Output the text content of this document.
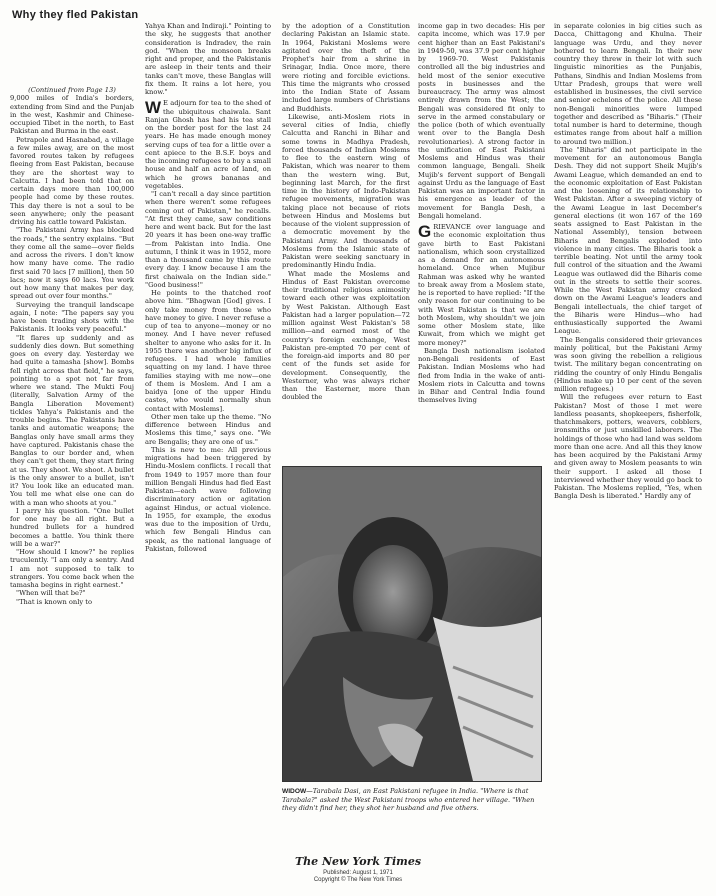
Why they fled Pakistan

(Continued from Page 13)

9,000 miles of India's borders, extending from Sind and the Punjab in the west, Kashmir and Chinese-occupied Tibet in the north, to East Pakistan and Burma in the east.

Petrapole and Hasnabad, a village a few miles away, are on the most favored routes taken by refugees fleeing from East Pakistan, because they are the shortest way to Calcutta. I had been told that on certain days more than 100,000 people had come by these routes. This day there is not a soul to be seen anywhere; only the peasant driving his cattle toward Pakistan.

"The Pakistani Army has blocked the roads," the sentry explains. "But they come all the same—over fields and across the rivers. I don't know how many have come. The radio first said 70 lacs [7 million], then 50 lacs; now it says 60 lacs. You work out how many that makes per day, spread out over four months."

Surveying the tranquil landscape again, I note: "The papers say you have been trading shots with the Pakistanis. It looks very peaceful."

"It flares up suddenly and as suddenly dies down. But something goes on every day. Yesterday we had quite a tamasha [show]. Bombs fell right across that field," he says, pointing to a spot not far from where we stand. The Mukti Fouj (literally, Salvation Army of the Bangla Liberation Movement) tickles Yahya's Pakistanis and the trouble begins. The Pakistanis have tanks and automatic weapons; the Banglas only have small arms they have captured. Pakistanis chase the Banglas to our border and, when they can't get them, they start firing at us. They shoot. We shoot. A bullet is the only answer to a bullet, isn't it? You look like an educated man. You tell me what else one can do with a man who shoots at you."

I parry his question. "One bullet for one may be all right. But a hundred bullets for a hundred becomes a battle. You think there will be a war?"

"How should I know?" he replies truculently. "I am only a sentry. And I am not supposed to talk to strangers. You come back when the tamasha begins in right earnest."

"When will that be?"

"That is known only to

Yahya Khan and Indiraji." Pointing to the sky, he suggests that another consideration is Indradev, the rain god. "When the monsoon breaks right and proper, and the Pakistanis are asleep in their tents and their tanks can't move, these Banglas will fix them. It rains a lot here, you know."

W E adjourn for tea to the shed of the ubiquitous chaiwala. Sant Ranjan Ghosh has had his tea stall on the border post for the last 24 years. He has made enough money serving cups of tea for a little over a cent apiece to the B.S.F. boys and the incoming refugees to buy a small house and half an acre of land, on which he grows bananas and vegetables.

"I can't recall a day since partition when there weren't some refugees coming out of Pakistan," he recalls. "At first they came, saw conditions here and went back. But for the last 20 years it has been one-way traffic—from Pakistan into India. One autumn, I think it was in 1952, more than a thousand came by this route every day. I know because I am the first chaiwala on the Indian side." "Good business!"

He points to the thatched roof above him. "Bhagwan [God] gives. I only take money from those who have money to give. I never refuse a cup of tea to anyone—money or no money. And I have never refused shelter to anyone who asks for it. In 1955 there was another big influx of refugees. I had whole families squatting on my land. I have three families staying with me now—one of them is Moslem. And I am a baidya [one of the upper Hindu castes, who would normally shun contact with Moslems].

Other men take up the theme. "No difference between Hindus and Moslems this time," says one. "We are Bengalis; they are one of us."

This is new to me: All previous migrations had been triggered by Hindu-Moslem conflicts. I recall that from 1949 to 1957 more than four million Bengali Hindus had fled East Pakistan—each wave following discriminatory action or agitation against Hindus, or actual violence. In 1955, for example, the exodus was due to the imposition of Urdu, which few Bengali Hindus can speak, as the national language of Pakistan, followed

by the adoption of a Constitution declaring Pakistan an Islamic state. In 1964, Pakistani Moslems were agitated over the theft of the Prophet's hair from a shrine in Srinagar, India. Once more, there were rioting and forcible evictions. This time the migrants who crossed into the Indian State of Assam included large numbers of Christians and Buddhists.

Likewise, anti-Moslem riots in several cities of India, chiefly Calcutta and Ranchi in Bihar and some towns in Madhya Pradesh, forced thousands of Indian Moslems to flee to the eastern wing of Pakistan, which was nearer to them than the western wing. But, beginning last March, for the first time in the history of Indo-Pakistan refugee movements, migration was taking place not because of riots between Hindus and Moslems but because of the violent suppression of a democratic movement by the Pakistani Army. And thousands of Moslems from the Islamic state of Pakistan were seeking sanctuary in predominantly Hindu India.

What made the Moslems and Hindus of East Pakistan overcome their traditional religious animosity toward each other was exploitation by West Pakistan. Although East Pakistan had a larger population—72 million against West Pakistan's 58 million—and earned most of the country's foreign exchange, West Pakistan pre-empted 70 per cent of the foreign-aid imports and 80 per cent of the funds set aside for development. Consequently, the Westerner, who was always richer than the Easterner, more than doubled the

WIDOW—Tarabala Dasi, an East Pakistani refugee in India. "Where is that Tarabala?" asked the West Pakistani troops who entered her village. "When they didn't find her, they shot her husband and five others.

income gap in two decades: His per capita income, which was 17.9 per cent higher than an East Pakistani's in 1949-50, was 37.9 per cent higher by 1969-70. West Pakistanis controlled all the big industries and held most of the senior executive posts in businesses and the bureaucracy. The army was almost entirely drawn from the West; the Bengali was considered fit only to serve in the armed constabulary or the police (both of which eventually went over to the Bangla Desh revolutionaries). A strong factor in the unification of East Pakistani Moslems and Hindus was their common language, Bengali. Sheik Mujib's fervent support of Bengali against Urdu as the language of East Pakistan was an important factor in his emergence as leader of the movement for Bangla Desh, a Bengali homeland.

GRIEVANCE over language and the economic exploitation thus gave birth to East Pakistani nationalism, which soon crystallized as a demand for an autonomous homeland. Once when Mujibur Rahman was asked why he wanted to break away from a Moslem state, he is reported to have replied: "If the only reason for our continuing to be with West Pakistan is that we are both Moslem, why shouldn't we join some other Moslem state, like Kuwait, from which we might get more money?"

Bangla Desh nationalism isolated non-Bengali residents of East Pakistan. Indian Moslems who had fled from India in the wake of anti-Moslem riots in Calcutta and towns in Bihar and Central India found themselves living

in separate colonies in big cities such as Dacca, Chittagong and Khulna. Their language was Urdu, and they never bothered to learn Bengali. In their new country they threw in their lot with such linguistic minorities as the Punjabis, Pathans, Sindhis and Indian Moslems from Uttar Pradesh, groups that were well established in businesses, the civil service and senior echelons of the police. All these non-Bengali minorities were lumped together and described as "Biharis." (Their total number is hard to determine, though estimates range from about half a million to around two million.)

The "Biharis" did not participate in the movement for an autonomous Bangla Desh. They did not support Sheik Mujib's Awami League, which demanded an end to the economic exploitation of East Pakistan and the loosening of its relationship to West Pakistan. After a sweeping victory of the Awami League in last December's general elections (it won 167 of the 169 seats assigned to East Pakistan in the National Assembly), tension between Biharis and Bengalis exploded into violence in many cities. The Biharis took a terrible beating. Not until the army took full control of the situation and the Awami League was outlawed did the Biharis come out in the streets to settle their scores. While the West Pakistan army cracked down on the Awami League's leaders and Bengali intellectuals, the chief target of the Biharis were Hindus—who had enthusiastically supported the Awami League.

The Bengalis considered their grievances mainly political, but the Pakistani Army was soon giving the rebellion a religious twist. The military began concentrating on ridding the country of only Hindu Bengalis (Hindus make up 10 per cent of the seven million refugees.)

Will the refugees ever return to East Pakistan? Most of those I met were landless peasants, shopkeepers, fisherfolk, thatchmakers, potters, weavers, cobblers, ironsmiths or just unskilled laborers. The holdings of those who had land was seldom more than one acre. And all this they know has been acquired by the Pakistani Army and given away to Moslem peasants to win their support. I asked all those I interviewed whether they would go back to Pakistan. The Moslems replied, "Yes, when Bangla Desh is liberated." Hardly any of

The New York Times
Published: August 1, 1971
Copyright © The New York Times
